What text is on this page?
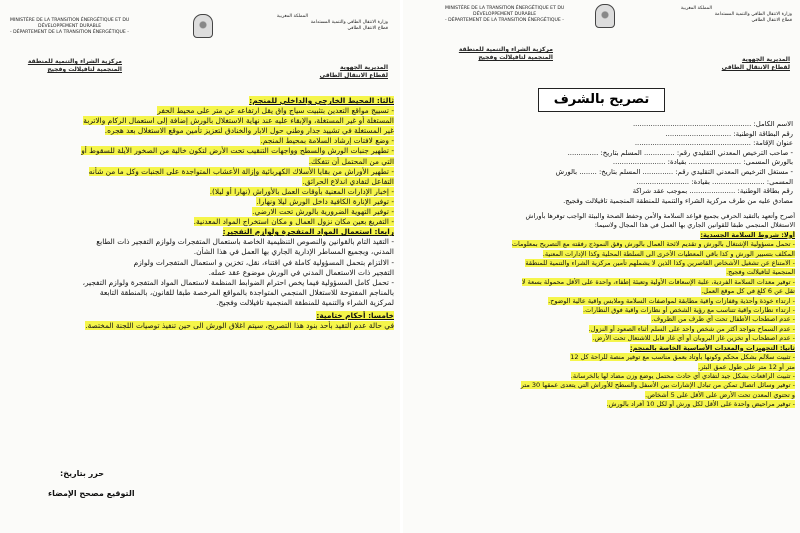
MINISTÈRE DE LA TRANSITION ÉNERGÉTIQUE ET DU
DÉVELOPPEMENT DURABLE
- DÉPARTEMENT DE LA TRANSITION ÉNERGÉTIQUE -
المملكة المغربية
وزارة الانتقال الطاقي والتنمية المستدامة
قطاع الانتقال الطاقي
مركزية الشراء والتنمية للمنطقة
المنجمية لتافيلالت وفجيج	المديرية الجهوية
لقطاع الانتقال الطاقي
ثالثا: المحيط الخارجي والداخلي للمنجم:
- تسييج مواقع التعدين بتثبيت سياج واق يقل ارتفاعه عن متر على محيط الحفر
المستغلة أو غير المستغلة، والإبقاء عليه عند نهاية الاستغلال بالورش إضافة إلى استعمال الركام والاتربة
غير المستغلة في تشييد جدار وطني حول الابار والخنادق لتعزيز تأمين موقع الاستغلال بعد هجره.
- وضع لافتات إرشاد السلامة بمحيط المنجم.
- تطهير جنبات الورش والسطح وواجهات التنقيب تحت الأرض لتكون خالية من الصخور الآيلة للسقوط أو
التي من المحتمل أن تتفكك.
- تطهير الأوراش من بقايا الأسلاك الكهربائية وإزالة الأعشاب المتواجدة على الجنبات وكل ما من شأنه
التفاعل لتفادي اندلاع الحرائق.
- إخبار الإدارات المعنية بأوقات العمل بالأوراش (نهارا أو ليلا).
- توفير الإنارة الكافية داخل الورش ليلا ونهارا.
- توفير التهوية الضرورية بالورش تحت الارضي.
- التفريغ بعين مكان نزول العمال و مكان استخراج المواد المعدنية.
رابعا: استعمال المواد المتفجرة ولوازم التفجير:
- التقيد التام بالقوانين والنصوص التنظيمية الخاصة باستعمال المتفجرات ولوازم التفجير ذات الطابع
المدني، وبجميع المساطر الإدارية الجاري بها العمل في هذا الشأن.
- الالتزام بتحمل المسؤولية كاملة في اقتناء، نقل، تخزين و استعمال المتفجرات ولوازم
التفجير ذات الاستعمال المدني في الورش موضوع عقد عمله.
- تحمل كامل المسؤولية فيما يخص احترام الضوابط المنظمة لاستعمال المواد المتفجرة ولوازم التفجير،
بالمناجم المفتوحة للاستغلال المنجمي المتواجدة بالمواقع المرخصة طبقا للقانون، بالمنطقة التابعة
لمركزية الشراء والتنمية للمنطقة المنجمية تافيلالت وفجيج.
خامسا: أحكام ختامية:
في حالة عدم التقيد بأحد بنود هذا التصريح، سيتم اغلاق الورش الى حين تنفيذ توصيات اللجنة المختصة.
حرر بتاريخ:
التوقيع مصحح الإمضاء
MINISTÈRE DE LA TRANSITION ÉNERGÉTIQUE ET DU
DÉVELOPPEMENT DURABLE
- DÉPARTEMENT DE LA TRANSITION ÉNERGÉTIQUE -
المملكة المغربية
وزارة الانتقال الطاقي والتنمية المستدامة
قطاع الانتقال الطاقي
مركزية الشراء والتنمية للمنطقة
المنجمية لتافيلالت وفجيج	المديرية الجهوية
لقطاع الانتقال الطاقي
تصريح بالشرف
الاسم الكامل: ......................................................
رقم البطاقة الوطنية: ..............................
عنوان الإقامة: .....................................................
- صاحب الترخيص المعدني التقليدي رقم: .............. المسلم بتاريخ: ..............
بالورش المسمى: ........................ بقيادة: ........................
- مستغل الترخيص المعدني التقليدي رقم: .............. المسلم بتاريخ: ........ بالورش
المسمى: ........................ بقيادة: ........................
رقم بطاقة الوطنية: ..................... بموجب عقد شراكة
مصادق عليه من طرف مركزية الشراء والتنمية للمنطقة المنجمية تافيلالت وفجيج.
أصرح وأتعهد بالتقيد الحرفي بجميع قواعد السلامة والأمن وحفظ الصحة والبيئة الواجب توفرها بأوراش
الاستغلال المنجمي طبقا للقوانين الجاري بها العمل في هذا المجال ولاسيما:
أولا: شروط السلامة الجسدية:
- تحمل مسؤولية الإشتغال بالورش و تقديم لائحة العمال بالورش وفق النموذج رفقته مع التصريح بمعلومات
المكلف بتسيير الورش و كذا باقي المعطيات الأخرى الى السلطة المحلية وكذا الإدارات المعنية.
- الامتناع عن تشغيل الأشخاص القاصرين وكذا الذين لا يشملهم تأمين مركزية الشراء والتنمية للمنطقة
المنجمية لتافيلالت وفجيج.
- توفير معدات السلامة الفردية، علبة الإسعافات الأولية وتعبئة إطفاء، واحدة على الأقل محمولة بسعة لا
تقل عن 6 كلغ في كل موقع العمل.
- ارتداء خوذة وأحذية وقفازات واقية مطابقة لمواصفات السلامة وملابس واقية عالية الوضوح.
- ارتداء نظارات واقية تتناسب مع رؤية الشخص أو نظارات واقية فوق النظارات.
- عدم اصطحاب الأطفال تحت أي ظرف من الظروف.
- عدم السماح بتواجد أكثر من شخص واحد على السلم أثناء الصعود أو النزول.
- عدم اصطحاب أو تخزين غاز البروبان أو أي غاز قابل للاشتعال تحت الأرض.
ثانيا: التجهيزات والمعدات الأساسية الخاصة بالمنجم:
- تثبيت سلالم بشكل محكم وكونها بأوتاد بعمق مناسب مع توفير منصة للراحة كل 12
متر أو 12 متر على طول عمق البئر.
- تثبيت الرافعات بشكل جيد لتفادي أي حادث محتمل يوضع وزن مضاد لها بالخرسانة.
- توفير وسائل اتصال تمكن من تبادل الإشارات بين الأسفل والسطح للأوراش التي يتعدى عمقها 30 متر
و تحتوي المعدن تحت الأرض على الأقل على 5 أشخاص.
- توفير مراحيض واحدة على الأقل لكل ورش أو لكل 10 أفراد بالورش.
